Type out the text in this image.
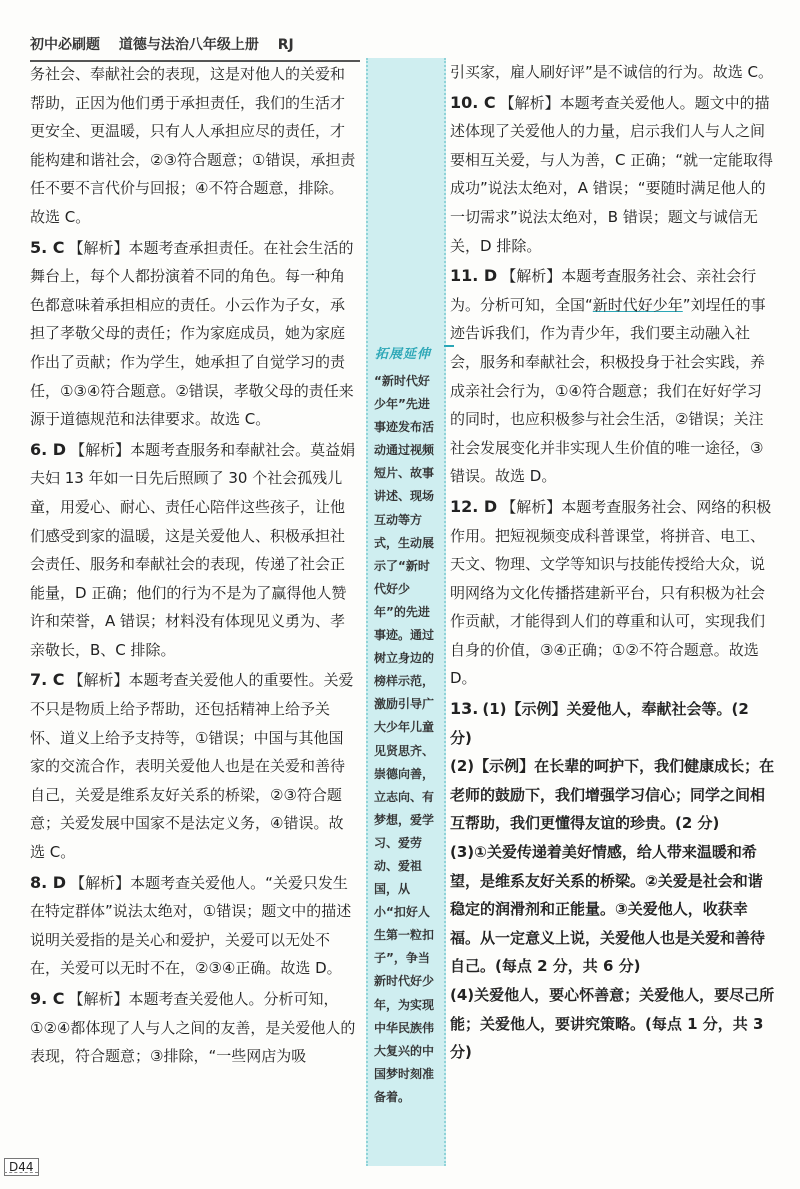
初中必刷题 道德与法治八年级上册 RJ
务社会、奉献社会的表现，这是对他人的关爱和帮助，正因为他们勇于承担责任，我们的生活才更安全、更温暖，只有人人承担应尽的责任，才能构建和谐社会，②③符合题意；①错误，承担责任不要不言代价与回报；④不符合题意，排除。故选 C。
5. C 【解析】本题考查承担责任。在社会生活的舞台上，每个人都扮演着不同的角色。每一种角色都意味着承担相应的责任。小云作为子女，承担了孝敬父母的责任；作为家庭成员，她为家庭作出了贡献；作为学生，她承担了自觉学习的责任，①③④符合题意。②错误，孝敬父母的责任来源于道德规范和法律要求。故选 C。
6. D 【解析】本题考查服务和奉献社会。莫益娟夫妇 13 年如一日先后照顾了 30 个社会孤残儿童，用爱心、耐心、责任心陪伴这些孩子，让他们感受到家的温暖，这是关爱他人、积极承担社会责任、服务和奉献社会的表现，传递了社会正能量，D 正确；他们的行为不是为了赢得他人赞许和荣誉，A 错误；材料没有体现见义勇为、孝亲敬长，B、C 排除。
7. C 【解析】本题考查关爱他人的重要性。关爱不只是物质上给予帮助，还包括精神上给予关怀、道义上给予支持等，①错误；中国与其他国家的交流合作，表明关爱他人也是在关爱和善待自己，关爱是维系友好关系的桥梁，②③符合题意；关爱发展中国家不是法定义务，④错误。故选 C。
8. D 【解析】本题考查关爱他人。“关爱只发生在特定群体”说法太绝对，①错误；题文中的描述说明关爱指的是关心和爱护，关爱可以无处不在，关爱可以无时不在，②③④正确。故选 D。
9. C 【解析】本题考查关爱他人。分析可知，①②④都体现了人与人之间的友善，是关爱他人的表现，符合题意；③排除，“一些网店为吸
拓展延伸
“新时代好少年”先进事迹发布活动通过视频短片、故事讲述、现场互动等方式，生动展示了“新时代好少年”的先进事迹。通过树立身边的榜样示范，激励引导广大少年儿童见贤思齐、崇德向善，立志向、有梦想，爱学习、爱劳动、爱祖国，从小“扣好人生第一粒扣子”，争当新时代好少年，为实现中华民族伟大复兴的中国梦时刻准备着。
引买家，雇人刷好评”是不诚信的行为。故选 C。
10. C 【解析】本题考查关爱他人。题文中的描述体现了关爱他人的力量，启示我们人与人之间要相互关爱，与人为善，C 正确；“就一定能取得成功”说法太绝对，A 错误；“要随时满足他人的一切需求”说法太绝对，B 错误；题文与诚信无关，D 排除。
11. D 【解析】本题考查服务社会、亲社会行为。分析可知，全国“新时代好少年”刘埕任的事迹告诉我们，作为青少年，我们要主动融入社会，服务和奉献社会，积极投身于社会实践，养成亲社会行为，①④符合题意；我们在好好学习的同时，也应积极参与社会生活，②错误；关注社会发展变化并非实现人生价值的唯一途径，③错误。故选 D。
12. D 【解析】本题考查服务社会、网络的积极作用。把短视频变成科普课堂，将拼音、电工、天文、物理、文学等知识与技能传授给大众，说明网络为文化传播搭建新平台，只有积极为社会作贡献，才能得到人们的尊重和认可，实现我们自身的价值，③④正确；①②不符合题意。故选 D。
13. (1)【示例】关爱他人，奉献社会等。(2 分)
(2)【示例】在长辈的呵护下，我们健康成长；在老师的鼓励下，我们增强学习信心；同学之间相互帮助，我们更懂得友谊的珍贵。(2 分)
(3)①关爱传递着美好情感，给人带来温暖和希望，是维系友好关系的桥梁。②关爱是社会和谐稳定的润滑剂和正能量。③关爱他人，收获幸福。从一定意义上说，关爱他人也是关爱和善待自己。(每点 2 分，共 6 分)
(4)关爱他人，要心怀善意；关爱他人，要尽己所能；关爱他人，要讲究策略。(每点 1 分，共 3 分)
D44
